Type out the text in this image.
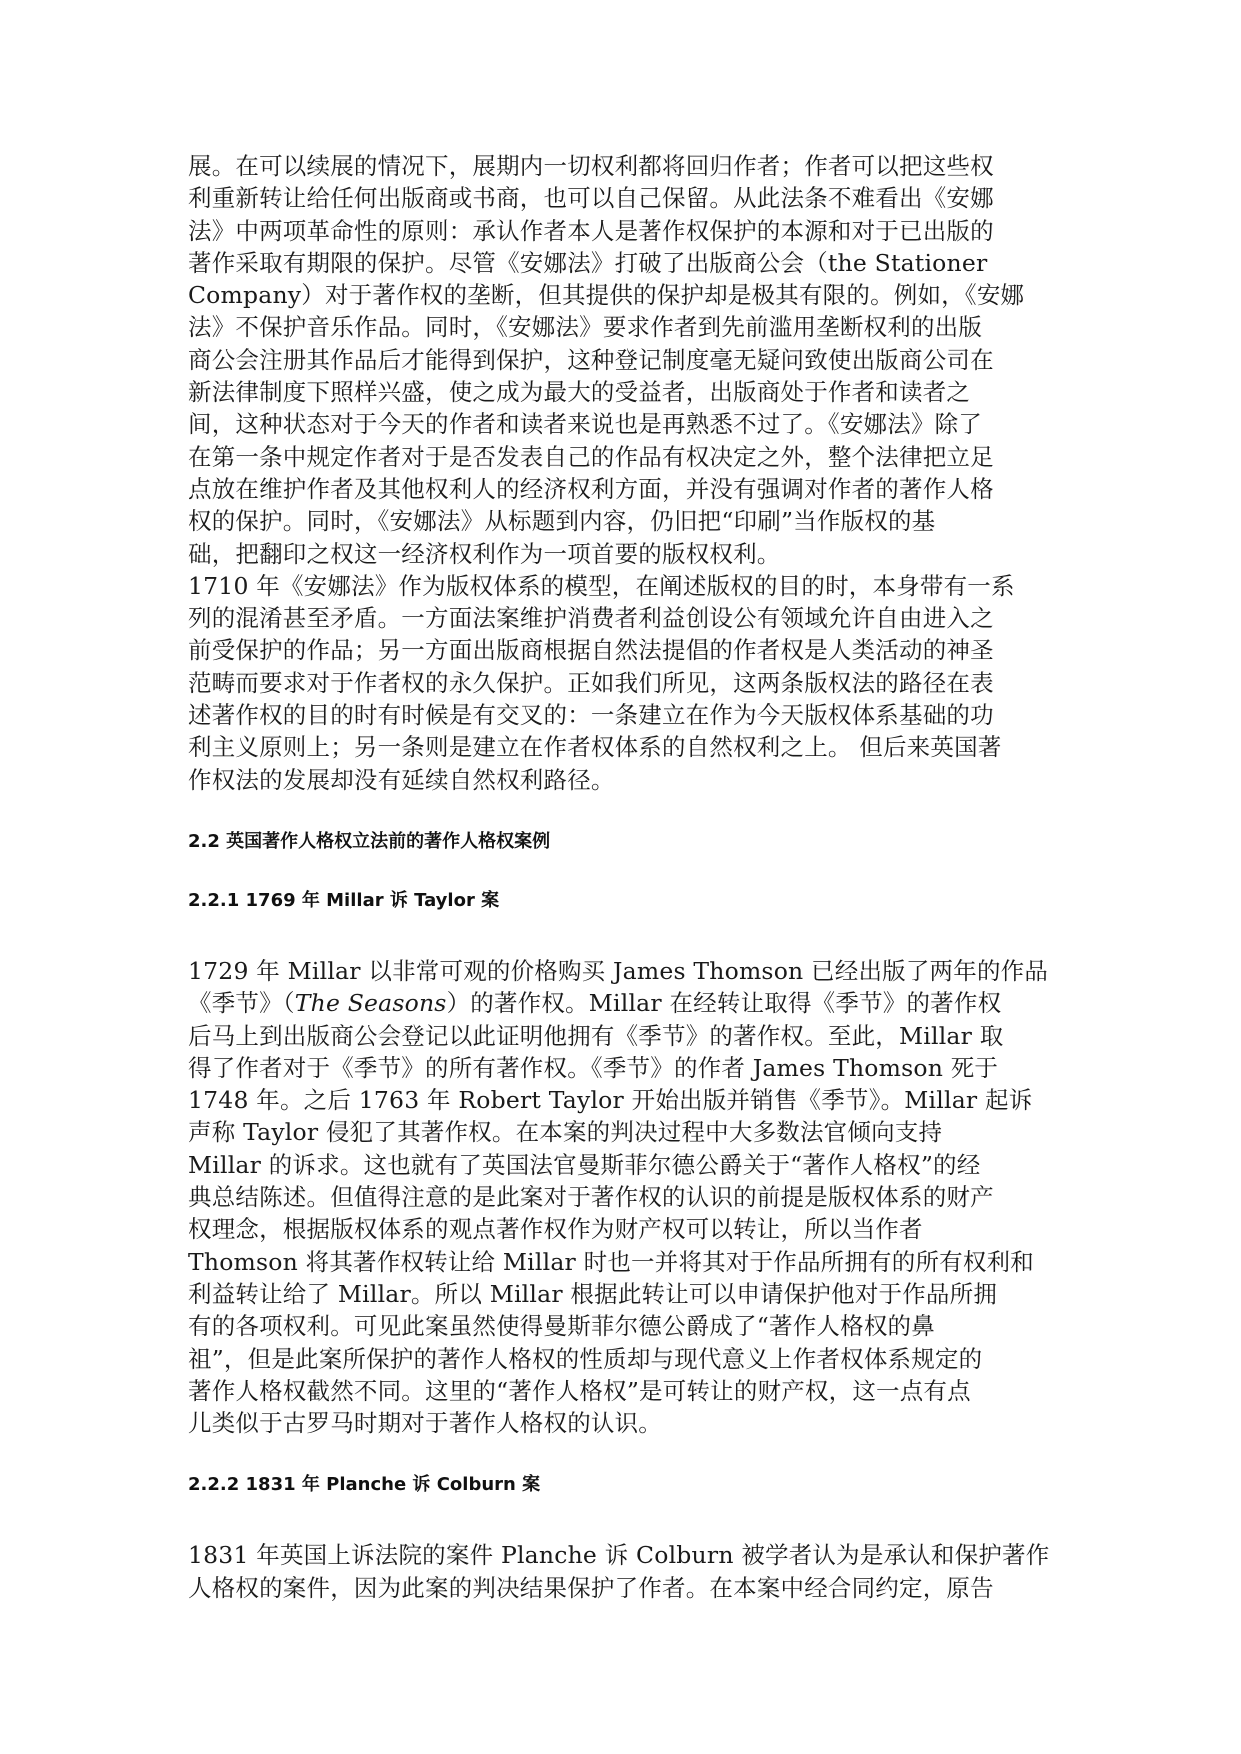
展。在可以续展的情况下，展期内一切权利都将回归作者；作者可以把这些权
利重新转让给任何出版商或书商，也可以自己保留。从此法条不难看出《安娜
法》中两项革命性的原则：承认作者本人是著作权保护的本源和对于已出版的
著作采取有期限的保护。尽管《安娜法》打破了出版商公会（the Stationer
Company）对于著作权的垄断，但其提供的保护却是极其有限的。例如，《安娜
法》不保护音乐作品。同时，《安娜法》要求作者到先前滥用垄断权利的出版
商公会注册其作品后才能得到保护，这种登记制度毫无疑问致使出版商公司在
新法律制度下照样兴盛，使之成为最大的受益者，出版商处于作者和读者之
间，这种状态对于今天的作者和读者来说也是再熟悉不过了。《安娜法》除了
在第一条中规定作者对于是否发表自己的作品有权决定之外，整个法律把立足
点放在维护作者及其他权利人的经济权利方面，并没有强调对作者的著作人格
权的保护。同时，《安娜法》从标题到内容，仍旧把“印刷”当作版权的基
础，把翻印之权这一经济权利作为一项首要的版权权利。
1710 年《安娜法》作为版权体系的模型，在阐述版权的目的时，本身带有一系
列的混淆甚至矛盾。一方面法案维护消费者利益创设公有领域允许自由进入之
前受保护的作品；另一方面出版商根据自然法提倡的作者权是人类活动的神圣
范畴而要求对于作者权的永久保护。正如我们所见，这两条版权法的路径在表
述著作权的目的时有时候是有交叉的：一条建立在作为今天版权体系基础的功
利主义原则上；另一条则是建立在作者权体系的自然权利之上。 但后来英国著
作权法的发展却没有延续自然权利路径。
2.2 英国著作人格权立法前的著作人格权案例
2.2.1 1769 年 Millar 诉 Taylor 案
1729 年 Millar 以非常可观的价格购买 James Thomson 已经出版了两年的作品
《季节》（The Seasons）的著作权。Millar 在经转让取得《季节》的著作权
后马上到出版商公会登记以此证明他拥有《季节》的著作权。至此，Millar 取
得了作者对于《季节》的所有著作权。《季节》的作者 James Thomson 死于
1748 年。之后 1763 年 Robert Taylor 开始出版并销售《季节》。Millar 起诉
声称 Taylor 侵犯了其著作权。在本案的判决过程中大多数法官倾向支持
Millar 的诉求。这也就有了英国法官曼斯菲尔德公爵关于“著作人格权”的经
典总结陈述。但值得注意的是此案对于著作权的认识的前提是版权体系的财产
权理念，根据版权体系的观点著作权作为财产权可以转让，所以当作者
Thomson 将其著作权转让给 Millar 时也一并将其对于作品所拥有的所有权利和
利益转让给了 Millar。所以 Millar 根据此转让可以申请保护他对于作品所拥
有的各项权利。可见此案虽然使得曼斯菲尔德公爵成了“著作人格权的鼻
祖”，但是此案所保护的著作人格权的性质却与现代意义上作者权体系规定的
著作人格权截然不同。这里的“著作人格权”是可转让的财产权，这一点有点
儿类似于古罗马时期对于著作人格权的认识。
2.2.2 1831 年 Planche 诉 Colburn 案
1831 年英国上诉法院的案件 Planche 诉 Colburn 被学者认为是承认和保护著作
人格权的案件，因为此案的判决结果保护了作者。在本案中经合同约定，原告
